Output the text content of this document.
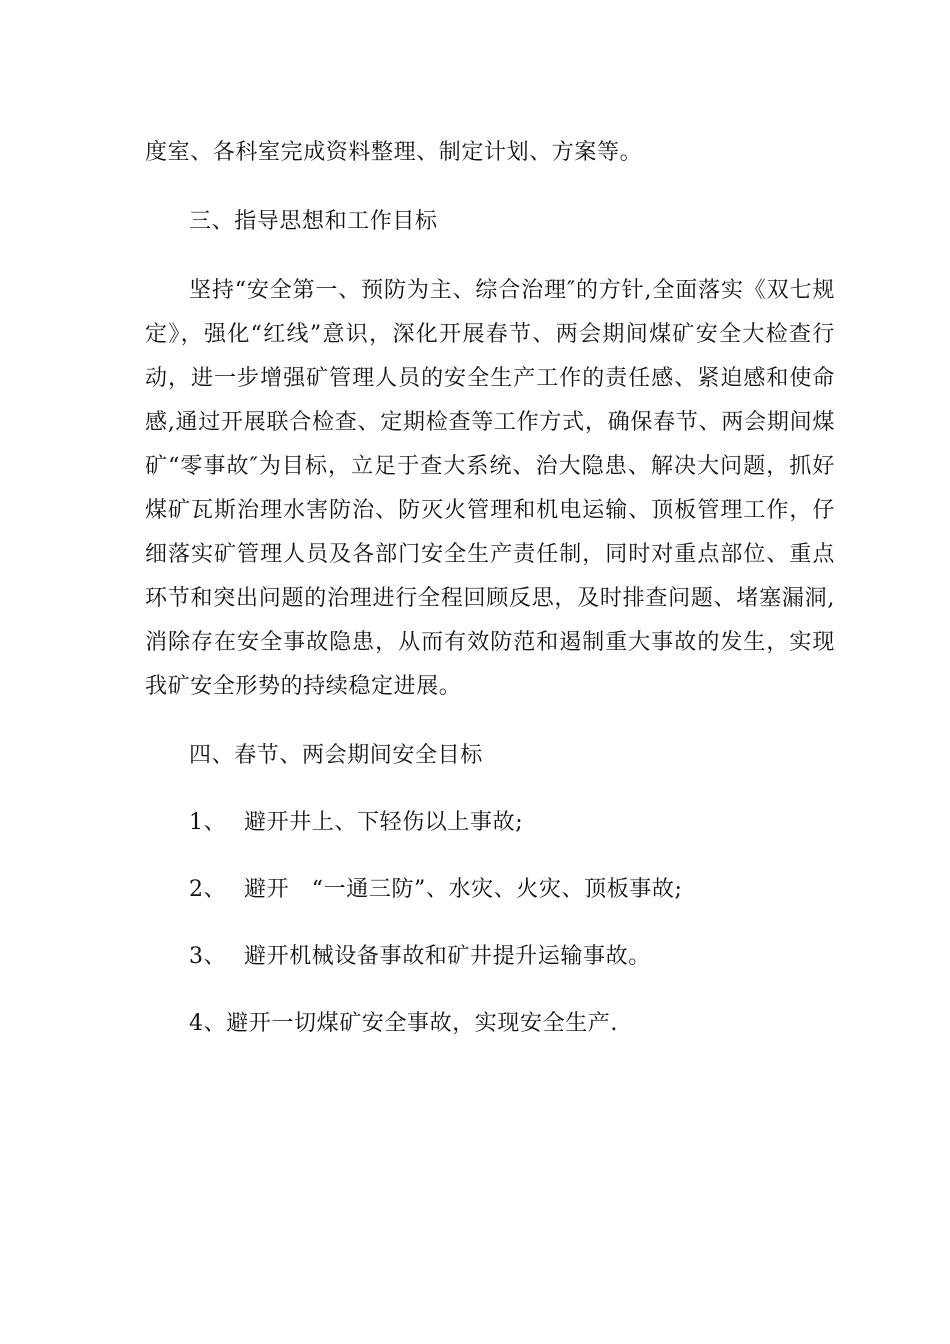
度室、各科室完成资料整理、制定计划、方案等。

三、指导思想和工作目标

坚持“安全第一、预防为主、综合治理″的方针,全面落实《双七规定》，强化“红线”意识，深化开展春节、两会期间煤矿安全大检查行动，进一步增强矿管理人员的安全生产工作的责任感、紧迫感和使命感,通过开展联合检查、定期检查等工作方式，确保春节、两会期间煤矿“零事故″为目标，立足于查大系统、治大隐患、解决大问题，抓好煤矿瓦斯治理水害防治、防灭火管理和机电运输、顶板管理工作，仔细落实矿管理人员及各部门安全生产责任制，同时对重点部位、重点环节和突出问题的治理进行全程回顾反思，及时排查问题、堵塞漏洞,消除存在安全事故隐患，从而有效防范和遏制重大事故的发生，实现我矿安全形势的持续稳定进展。

四、春节、两会期间安全目标

1、 避开井上、下轻伤以上事故;

2、 避开　“一通三防”、水灾、火灾、顶板事故;

3、 避开机械设备事故和矿井提升运输事故。

4、避开一切煤矿安全事故，实现安全生产.
